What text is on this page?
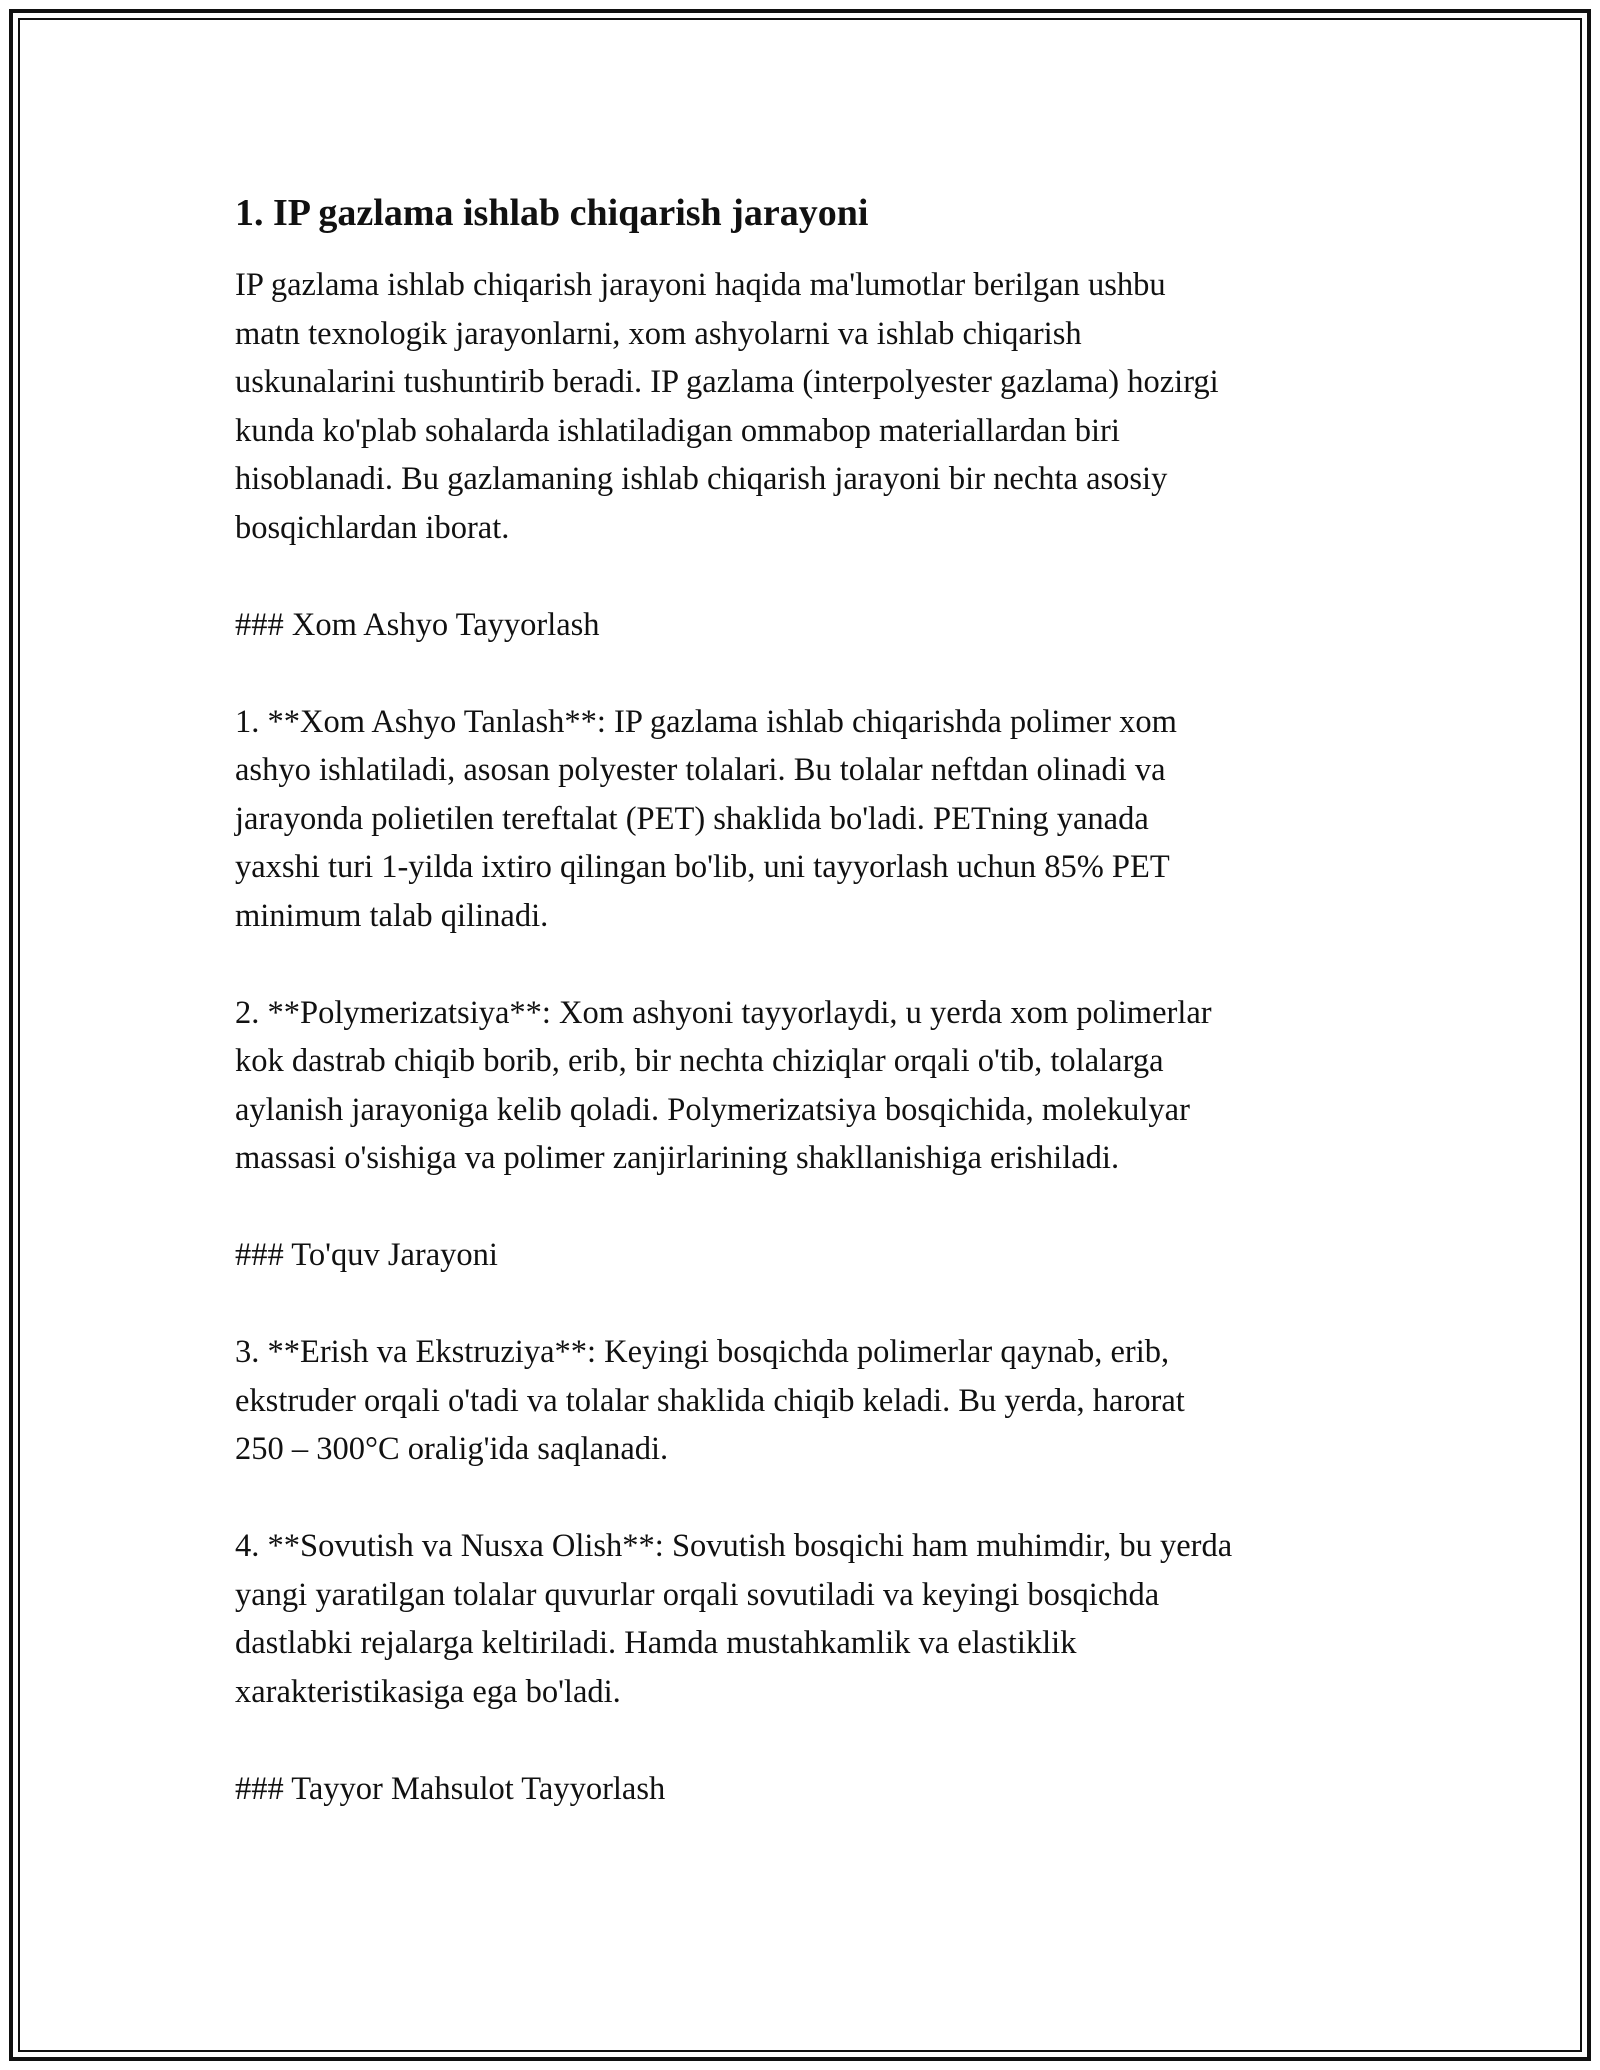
1. IP gazlama ishlab chiqarish jarayoni

IP gazlama ishlab chiqarish jarayoni haqida ma'lumotlar berilgan ushbu
matn texnologik jarayonlarni, xom ashyolarni va ishlab chiqarish
uskunalarini tushuntirib beradi. IP gazlama (interpolyester gazlama) hozirgi
kunda ko'plab sohalarda ishlatiladigan ommabop materiallardan biri
hisoblanadi. Bu gazlamaning ishlab chiqarish jarayoni bir nechta asosiy
bosqichlardan iborat.

### Xom Ashyo Tayyorlash

1. **Xom Ashyo Tanlash**: IP gazlama ishlab chiqarishda polimer xom
ashyo ishlatiladi, asosan polyester tolalari. Bu tolalar neftdan olinadi va
jarayonda polietilen tereftalat (PET) shaklida bo'ladi. PETning yanada
yaxshi turi 1-yilda ixtiro qilingan bo'lib, uni tayyorlash uchun 85% PET
minimum talab qilinadi.

2. **Polymerizatsiya**: Xom ashyoni tayyorlaydi, u yerda xom polimerlar
kok dastrab chiqib borib, erib, bir nechta chiziqlar orqali o'tib, tolalarga
aylanish jarayoniga kelib qoladi. Polymerizatsiya bosqichida, molekulyar
massasi o'sishiga va polimer zanjirlarining shakllanishiga erishiladi.

### To'quv Jarayoni

3. **Erish va Ekstruziya**: Keyingi bosqichda polimerlar qaynab, erib,
ekstruder orqali o'tadi va tolalar shaklida chiqib keladi. Bu yerda, harorat
250 – 300°C oralig'ida saqlanadi.

4. **Sovutish va Nusxa Olish**: Sovutish bosqichi ham muhimdir, bu yerda
yangi yaratilgan tolalar quvurlar orqali sovutiladi va keyingi bosqichda
dastlabki rejalarga keltiriladi. Hamda mustahkamlik va elastiklik
xarakteristikasiga ega bo'ladi.

### Tayyor Mahsulot Tayyorlash
